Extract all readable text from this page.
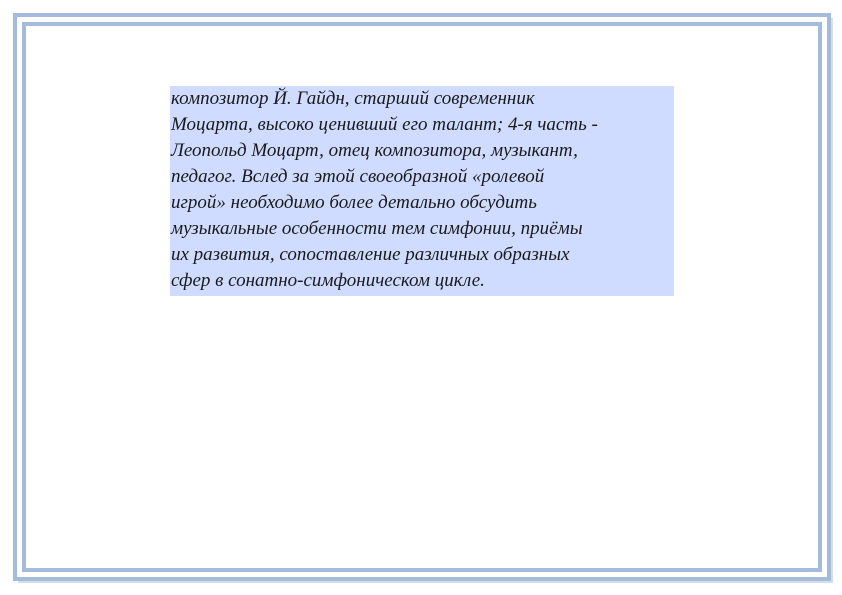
композитор Й. Гайдн, старший современник
Моцарта, высоко ценивший его талант; 4-я часть -
Леопольд Моцарт, отец композитора, музыкант,
педагог. Вслед за этой своеобразной «ролевой
игрой» необходимо более детально обсудить
музыкальные особенности тем симфонии, приёмы
их развития, сопоставление различных образных
сфер в сонатно-симфоническом цикле.
